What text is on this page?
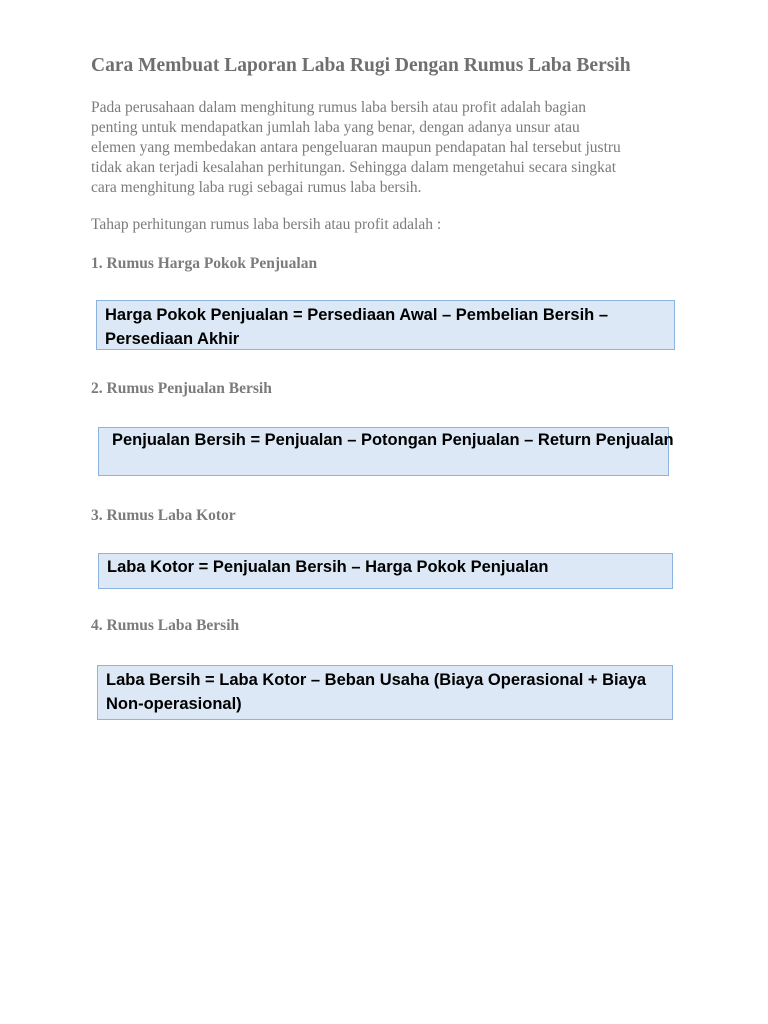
Cara Membuat Laporan Laba Rugi Dengan Rumus Laba Bersih
Pada perusahaan dalam menghitung rumus laba bersih atau profit adalah bagian
penting untuk mendapatkan jumlah laba yang benar, dengan adanya unsur atau
elemen yang membedakan antara pengeluaran maupun pendapatan hal tersebut justru
tidak akan terjadi kesalahan perhitungan. Sehingga dalam mengetahui secara singkat
cara menghitung laba rugi sebagai rumus laba bersih.
Tahap perhitungan rumus laba bersih atau profit adalah :
1. Rumus Harga Pokok Penjualan
Harga Pokok Penjualan = Persediaan Awal – Pembelian Bersih –
Persediaan Akhir
2. Rumus Penjualan Bersih
Penjualan Bersih = Penjualan – Potongan Penjualan – Return Penjualan
3. Rumus Laba Kotor
Laba Kotor = Penjualan Bersih – Harga Pokok Penjualan
4. Rumus Laba Bersih
Laba Bersih = Laba Kotor – Beban Usaha (Biaya Operasional + Biaya
Non-operasional)
